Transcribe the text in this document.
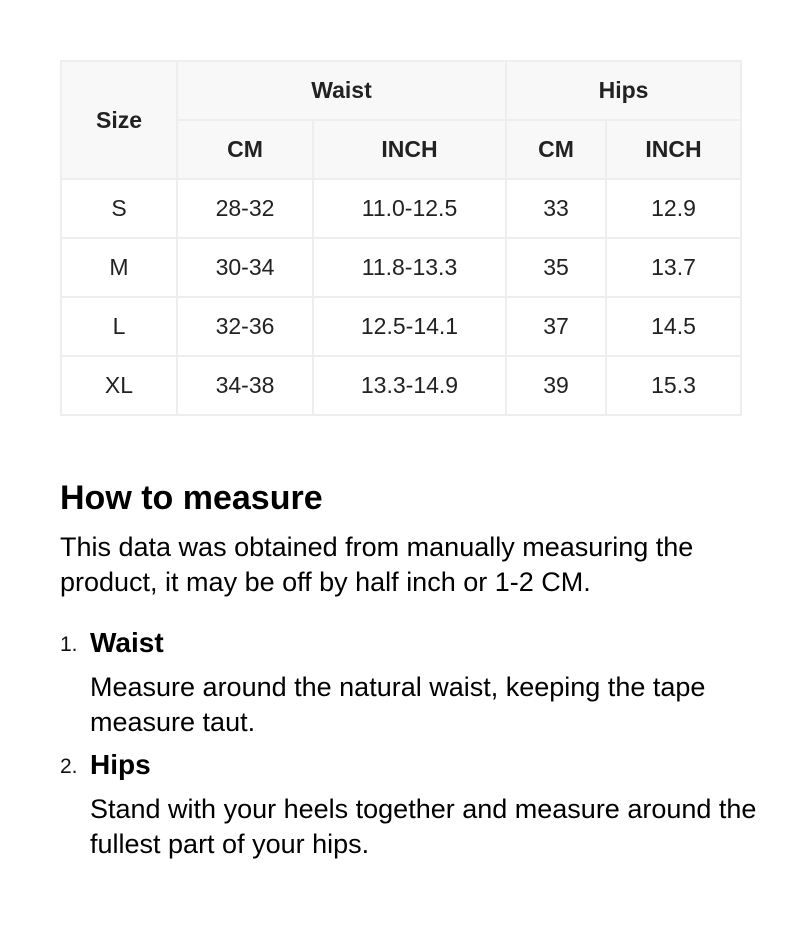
Size	Waist		Hips	
	CM	INCH	CM	INCH
S	28-32	11.0-12.5	33	12.9
M	30-34	11.8-13.3	35	13.7
L	32-36	12.5-14.1	37	14.5
XL	34-38	13.3-14.9	39	15.3
How to measure

This data was obtained from manually measuring the product, it may be off by half inch or 1-2 CM.

1. Waist
Measure around the natural waist, keeping the tape measure taut.
2. Hips
Stand with your heels together and measure around the fullest part of your hips.
